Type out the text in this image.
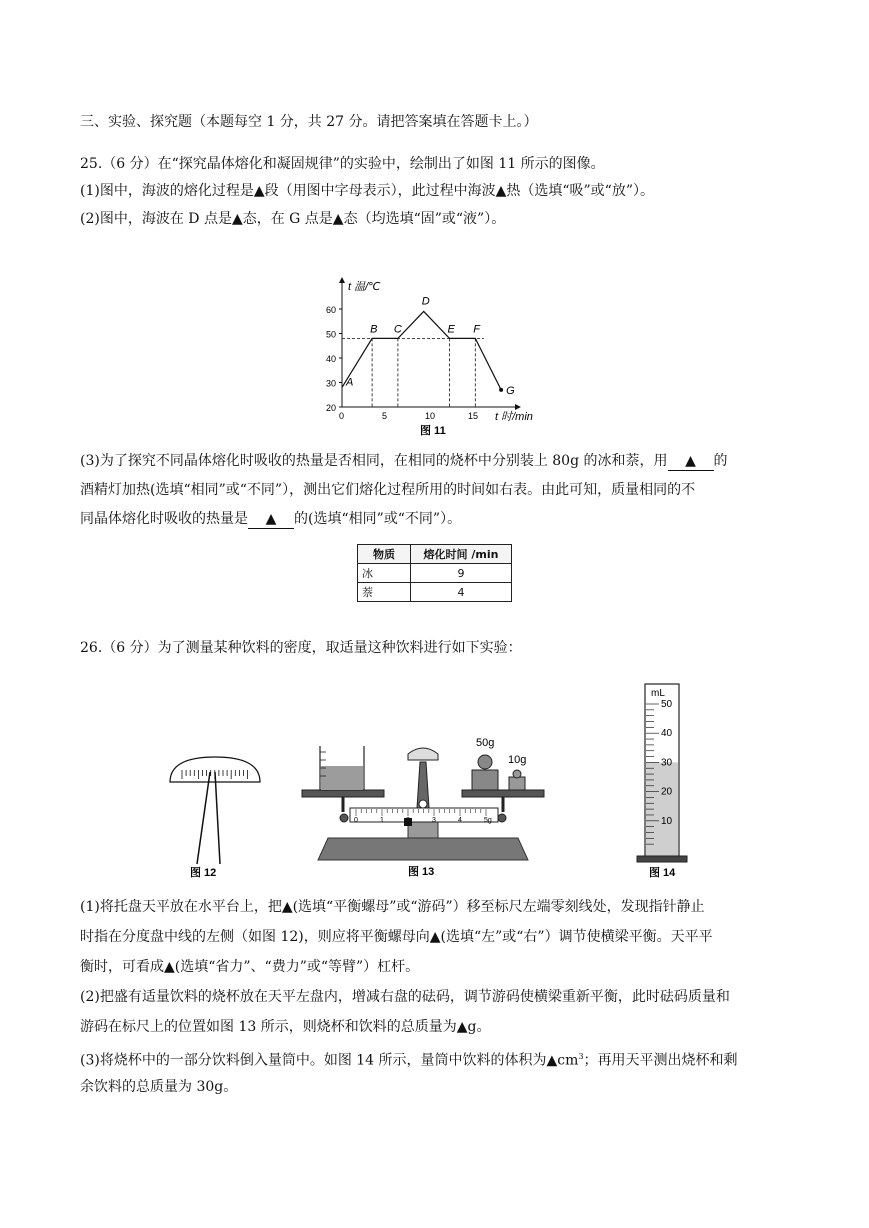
三、实验、探究题（本题每空 1 分，共 27 分。请把答案填在答题卡上。）
25.（6 分）在“探究晶体熔化和凝固规律”的实验中，绘制出了如图 11 所示的图像。
(1)图中，海波的熔化过程是▲段（用图中字母表示），此过程中海波▲热（选填“吸”或“放”）。
(2)图中，海波在 D 点是▲态，在 G 点是▲态（均选填“固”或“液”）。
20
30
40
50
60
0	5	10	15
A
B C
D
E F
G
t 温/℃
t 时/min
图 11
(3)为了探究不同晶体熔化时吸收的热量是否相同，在相同的烧杯中分别装上 80g 的冰和萘，用 ▲ 的
酒精灯加热(选填“相同”或“不同”），测出它们熔化过程所用的时间如右表。由此可知，质量相同的不
同晶体熔化时吸收的热量是 ▲ 的(选填“相同”或“不同”）。
物质	熔化时间 /min
冰	9
萘	4
26.（6 分）为了测量某种饮料的密度，取适量这种饮料进行如下实验：
图 12
50g
10g
0	1	3	4	5g
图 13
50
40
30
20
10
mL
图 14
(1)将托盘天平放在水平台上，把▲(选填“平衡螺母”或“游码”）移至标尺左端零刻线处，发现指针静止
时指在分度盘中线的左侧（如图 12)，则应将平衡螺母向▲(选填“左”或“右”）调节使横梁平衡。天平平
衡时，可看成▲(选填“省力”、“费力”或“等臂”）杠杆。
(2)把盛有适量饮料的烧杯放在天平左盘内，增减右盘的砝码，调节游码使横梁重新平衡，此时砝码质量和
游码在标尺上的位置如图 13 所示，则烧杯和饮料的总质量为▲g。
(3)将烧杯中的一部分饮料倒入量筒中。如图 14 所示，量筒中饮料的体积为$▲cm^3$；再用天平测出烧杯和剩
余饮料的总质量为 30g。
